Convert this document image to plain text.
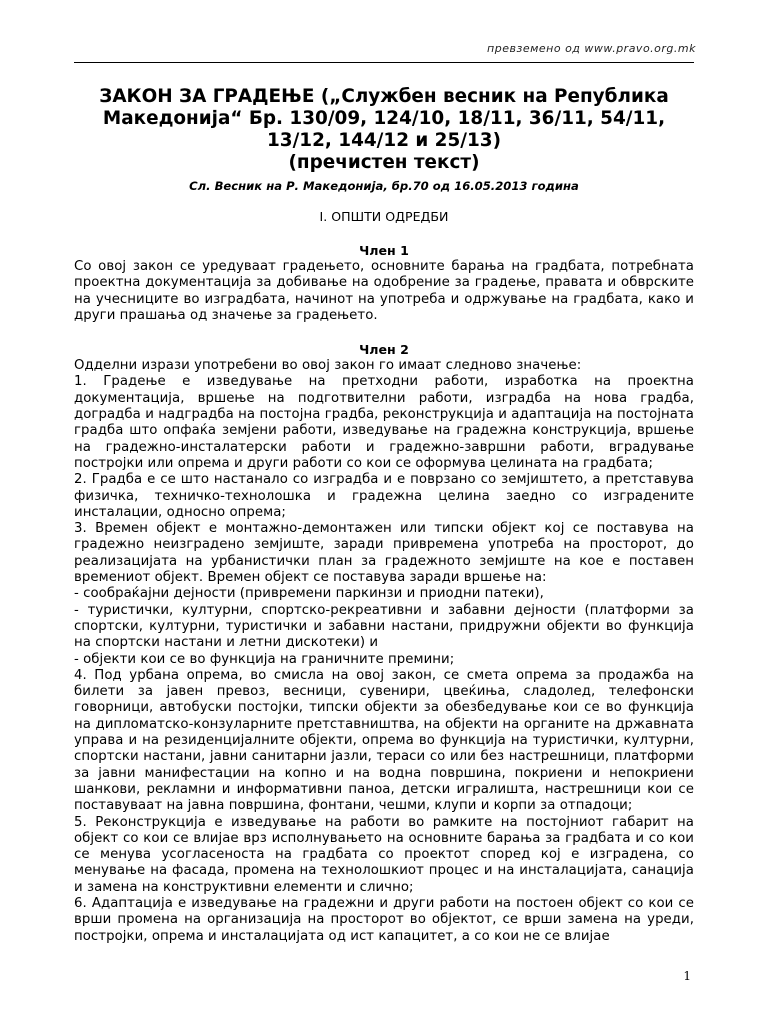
превземено од www.pravo.org.mk
ЗАКОН ЗА ГРАДЕЊЕ („Службен весник на Република
Македонија“ Бр. 130/09, 124/10, 18/11, 36/11, 54/11,
13/12, 144/12 и 25/13)
(пречистен текст)
Сл. Весник на Р. Македонија, бр.70 од 16.05.2013 година
I. ОПШТИ ОДРЕДБИ
Член 1

Со овој закон се уредуваат градењето, основните барања на градбата, потребната проектна документација за добивање на одобрение за градење, правата и обврските на учесниците во изградбата, начинот на употреба и одржување на градбата, како и други прашања од значење за градењето.

Член 2

Одделни изрази употребени во овој закон го имаат следново значење:

1. Градење е изведување на претходни работи, изработка на проектна документација, вршење на подготвителни работи, изградба на нова градба, доградба и надградба на постојна градба, реконструкција и адаптација на постојната градба што опфаќа земјени работи, изведување на градежна конструкција, вршење на градежно-инсталатерски работи и градежно-завршни работи, вградување постројки или опрема и други работи со кои се оформува целината на градбата;

2. Градба е се што настанало со изградба и е поврзано со земјиштето, а претставува физичка, техничко-технолошка и градежна целина заедно со изградените инсталации, односно опрема;

3. Времен објект е монтажно-демонтажен или типски објект кој се поставува на градежно неизградено земјиште, заради привремена употреба на просторот, до реализацијата на урбанистички план за градежното земјиште на кое е поставен времениот објект. Времен објект се поставува заради вршење на:

- сообраќајни дејности (привремени паркинзи и приодни патеки),

- туристички, културни, спортско-рекреативни и забавни дејности (платформи за спортски, културни, туристички и забавни настани, придружни објекти во функција на спортски настани и летни дискотеки) и

- објекти кои се во функција на граничните премини;

4. Под урбана опрема, во смисла на овој закон, се смета опрема за продажба на билети за јавен превоз, весници, сувенири, цвеќиња, сладолед, телефонски говорници, автобуски постојки, типски објекти за обезбедување кои се во функција на дипломатско-конзуларните претставништва, на објекти на органите на државната управа и на резиденцијалните објекти, опрема во функција на туристички, културни, спортски настани, јавни санитарни јазли, тераси со или без настрешници, платформи за јавни манифестации на копно и на водна површина, покриени и непокриени шанкови, рекламни и информативни паноа, детски игралишта, настрешници кои се поставуваат на јавна површина, фонтани, чешми, клупи и корпи за отпадоци;

5. Реконструкција е изведување на работи во рамките на постојниот габарит на објект со кои се влијае врз исполнувањето на основните барања за градбата и со кои се менува усогласеноста на градбата со проектот според кој е изградена, со менување на фасада, промена на технолошкиот процес и на инсталацијата, санација и замена на конструктивни елементи и слично;

6. Адаптација е изведување на градежни и други работи на постоен објект со кои се врши промена на организација на просторот во објектот, се врши замена на уреди, постројки, опрема и инсталацијата од ист капацитет, а со кои не се влијае

1
